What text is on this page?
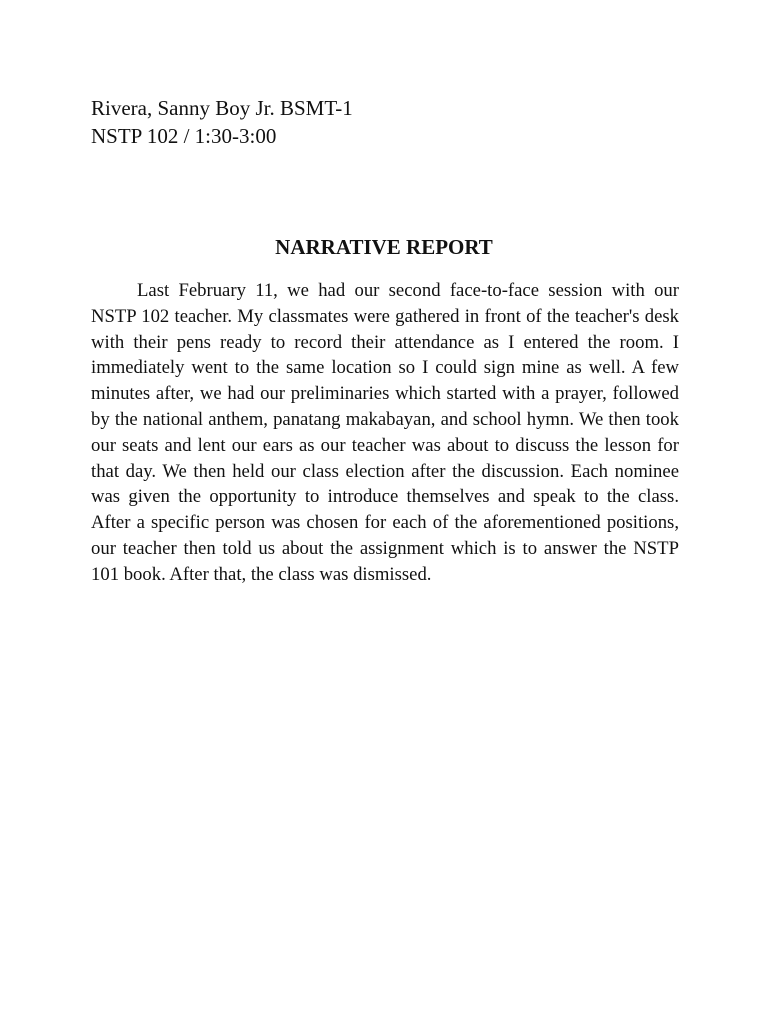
Rivera, Sanny Boy Jr. BSMT-1
NSTP 102 / 1:30-3:00
NARRATIVE REPORT

Last February 11, we had our second face-to-face session with our NSTP 102 teacher. My classmates were gathered in front of the teacher's desk with their pens ready to record their attendance as I entered the room. I immediately went to the same location so I could sign mine as well. A few minutes after, we had our preliminaries which started with a prayer, followed by the national anthem, panatang makabayan, and school hymn. We then took our seats and lent our ears as our teacher was about to discuss the lesson for that day. We then held our class election after the discussion. Each nominee was given the opportunity to introduce themselves and speak to the class. After a specific person was chosen for each of the aforementioned positions, our teacher then told us about the assignment which is to answer the NSTP 101 book. After that, the class was dismissed.
